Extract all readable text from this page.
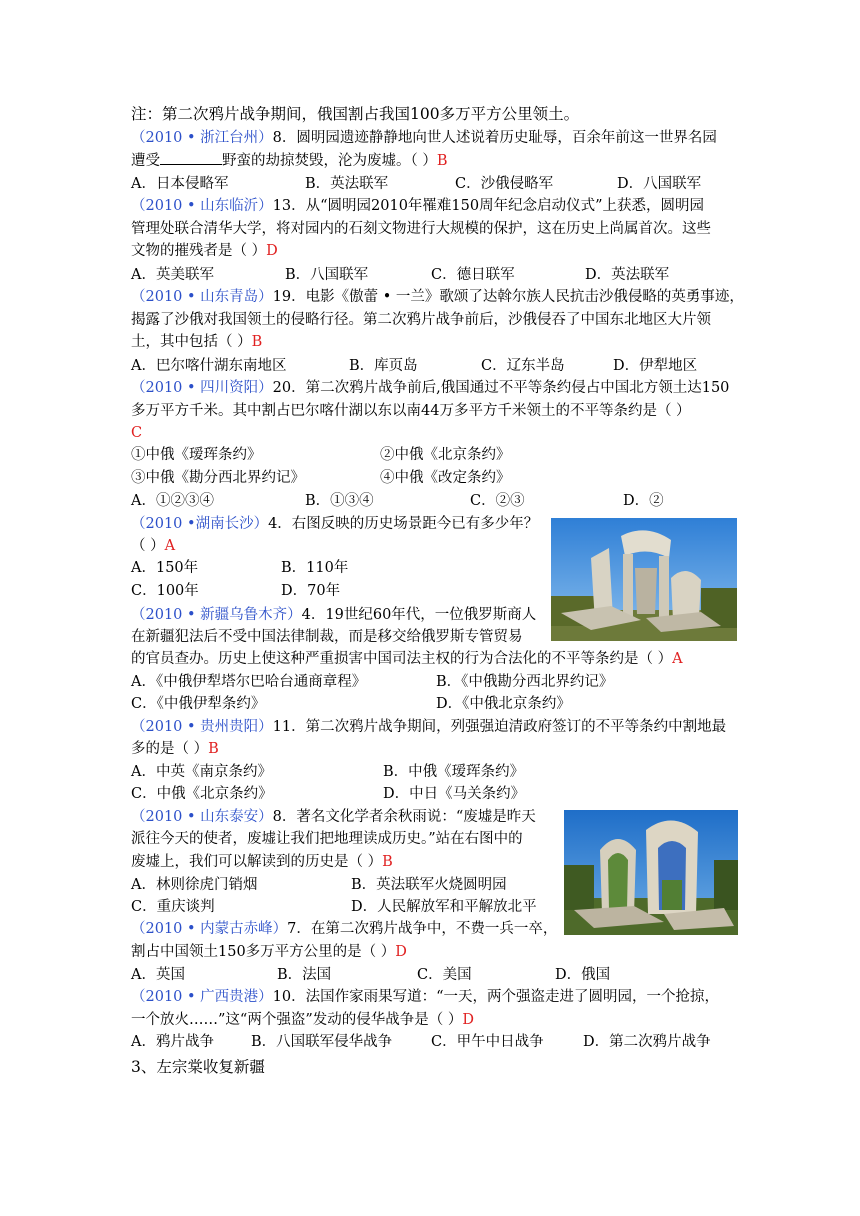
注：第二次鸦片战争期间，俄国割占我国100多万平方公里领土。
（2010 • 浙江台州）8．圆明园遗迹静静地向世人述说着历史耻辱，百余年前这一世界名园
遭受	野蛮的劫掠焚毁，沦为废墟。（ ）B
A．日本侵略军	B．英法联军	C．沙俄侵略军	D．八国联军
（2010 • 山东临沂）13．从“圆明园2010年罹难150周年纪念启动仪式”上获悉，圆明园
管理处联合清华大学，将对园内的石刻文物进行大规模的保护，这在历史上尚属首次。这些
文物的摧残者是（ ）D
A．英美联军	B．八国联军	C．德日联军	D．英法联军
（2010 • 山东青岛）19．电影《傲蕾 • 一兰》歌颂了达斡尔族人民抗击沙俄侵略的英勇事迹，
揭露了沙俄对我国领土的侵略行径。第二次鸦片战争前后，沙俄侵吞了中国东北地区大片领
土，其中包括（ ）B
A．巴尔喀什湖东南地区	B．库页岛	C．辽东半岛	D．伊犁地区
（2010 • 四川资阳）20．第二次鸦片战争前后,俄国通过不平等条约侵占中国北方领土达150
多万平方千米。其中割占巴尔喀什湖以东以南44万多平方千米领土的不平等条约是（ ）
C
①中俄《瑷珲条约》	②中俄《北京条约》
③中俄《勘分西北界约记》	④中俄《改定条约》
A．①②③④	B．①③④	C．②③	D．②
（2010 •湖南长沙）4．右图反映的历史场景距今已有多少年？
（ ）A
A．150年	B．110年
C．100年	D．70年
（2010 • 新疆乌鲁木齐）4．19世纪60年代，一位俄罗斯商人
在新疆犯法后不受中国法律制裁，而是移交给俄罗斯专管贸易
的官员查办。历史上使这种严重损害中国司法主权的行为合法化的不平等条约是（ ）A
A．《中俄伊犁塔尔巴哈台通商章程》	B．《中俄勘分西北界约记》
C．《中俄伊犁条约》	D．《中俄北京条约》
（2010 • 贵州贵阳）11．第二次鸦片战争期间，列强强迫清政府签订的不平等条约中割地最
多的是（ ）B
A．中英《南京条约》	B．中俄《瑷珲条约》
C．中俄《北京条约》	D．中日《马关条约》
（2010 • 山东泰安）8．著名文化学者余秋雨说：“废墟是昨天
派往今天的使者，废墟让我们把地理读成历史。”站在右图中的
废墟上，我们可以解读到的历史是（ ）B
A．林则徐虎门销烟	B．英法联军火烧圆明园
C．重庆谈判	D．人民解放军和平解放北平
（2010 • 内蒙古赤峰）7．在第二次鸦片战争中，不费一兵一卒，
割占中国领土150多万平方公里的是（ ）D
A．英国	B．法国	C．美国	D．俄国
（2010 • 广西贵港）10．法国作家雨果写道：“一天，两个强盗走进了圆明园，一个抢掠，
一个放火……”这“两个强盗”发动的侵华战争是（ ）D
A．鸦片战争	B．八国联军侵华战争	C．甲午中日战争	D．第二次鸦片战争
3、左宗棠收复新疆
